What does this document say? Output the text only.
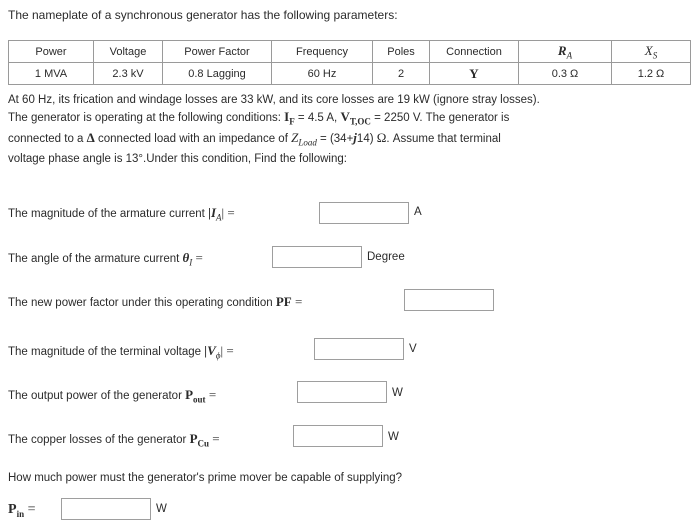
The nameplate of a synchronous generator has the following parameters:
Power	Voltage	Power Factor	Frequency	Poles	Connection	$R_A$	$X_S$
1 MVA	2.3 kV	0.8 Lagging	60 Hz	2	Y	0.3 Ω	1.2 Ω

At 60 Hz, its frication and windage losses are 33 kW, and its core losses are 19 kW (ignore stray losses).

The generator is operating at the following conditions: $I_F = 4.5$ A, $V_{T,OC} = 2250$ V. The generator is

connected to a Δ connected load with an impedance of $Z_{Load} = (34+j14)$ Ω. Assume that terminal

voltage phase angle is 13°.Under this condition, Find the following:

The magnitude of the armature current $|I_A|$ =	A
The angle of the armature current $\theta_I$ =	Degree
The new power factor under this operating condition PF =
The magnitude of the terminal voltage $|V_\phi|$ =	V
The output power of the generator $P_{out}$ =	W
The copper losses of the generator $P_{Cu}$ =	W
How much power must the generator's prime mover be capable of supplying?
$P_{in}$ =	W
